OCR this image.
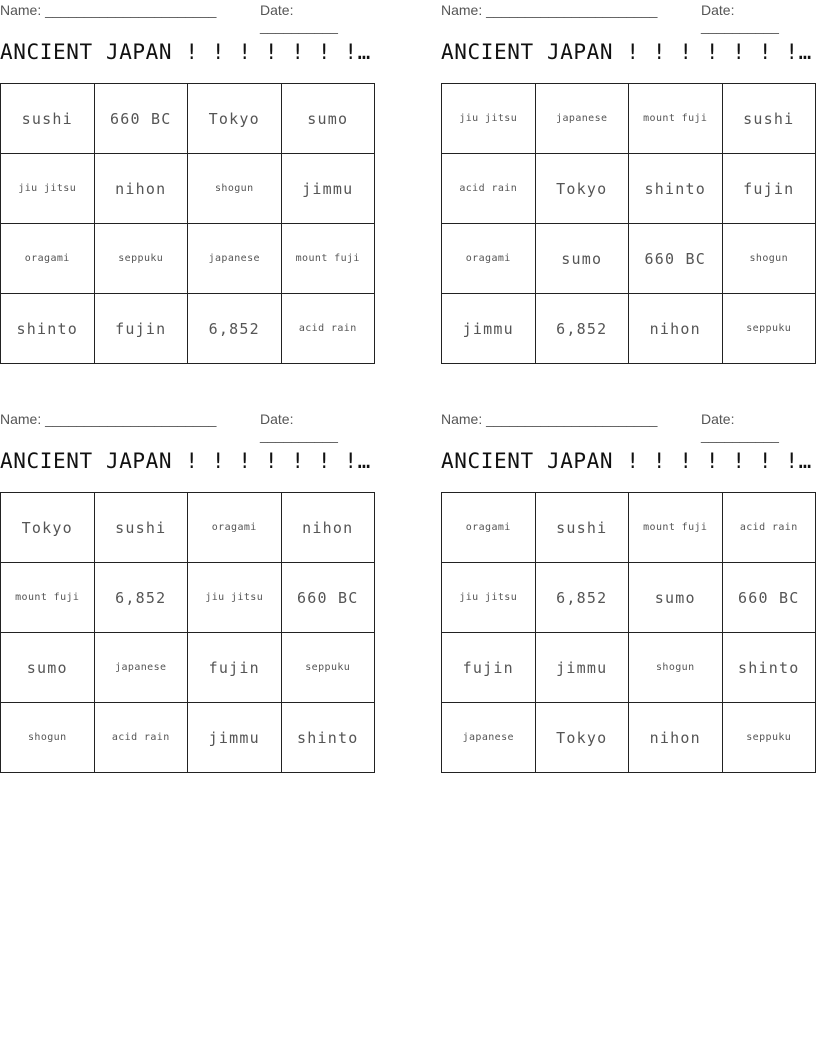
Name: ______________________	Date: __________
ANCIENT JAPAN ! ! ! ! ! ! !…
sushi	660 BC	Tokyo	sumo
jiu jitsu	nihon	shogun	jimmu
oragami	seppuku	japanese	mount fuji
shinto	fujin	6,852	acid rain
Name: ______________________	Date: __________
ANCIENT JAPAN ! ! ! ! ! ! !…
jiu jitsu	japanese	mount fuji	sushi
acid rain	Tokyo	shinto	fujin
oragami	sumo	660 BC	shogun
jimmu	6,852	nihon	seppuku
Name: ______________________	Date: __________
ANCIENT JAPAN ! ! ! ! ! ! !…
Tokyo	sushi	oragami	nihon
mount fuji	6,852	jiu jitsu	660 BC
sumo	japanese	fujin	seppuku
shogun	acid rain	jimmu	shinto
Name: ______________________	Date: __________
ANCIENT JAPAN ! ! ! ! ! ! !…
oragami	sushi	mount fuji	acid rain
jiu jitsu	6,852	sumo	660 BC
fujin	jimmu	shogun	shinto
japanese	Tokyo	nihon	seppuku
